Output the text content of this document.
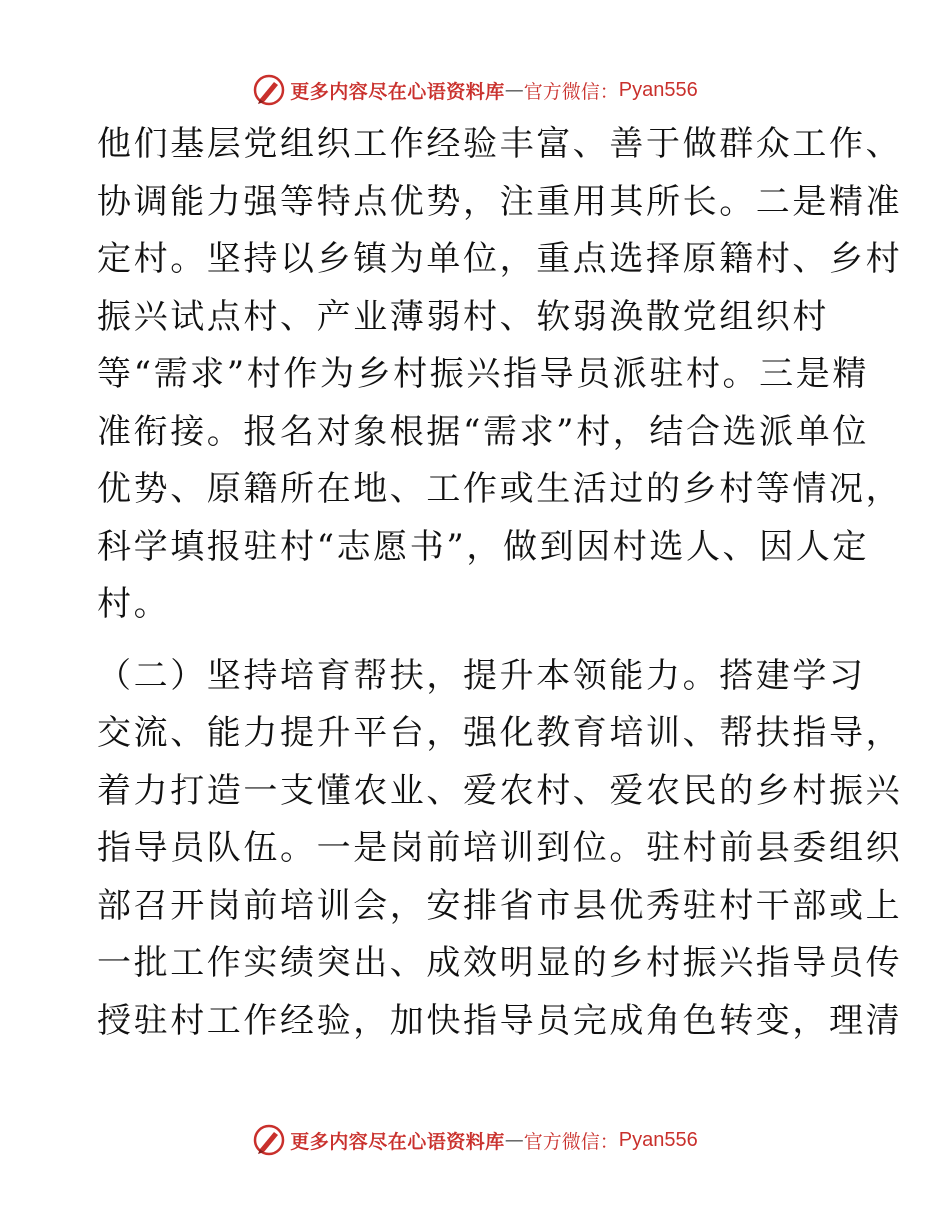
更多内容尽在心语资料库 — 官方微信： Pyan556

他们基层党组织工作经验丰富、善于做群众工作、
协调能力强等特点优势，注重用其所长。二是精准
定村。坚持以乡镇为单位，重点选择原籍村、乡村
振兴试点村、产业薄弱村、软弱涣散党组织村
等“需求”村作为乡村振兴指导员派驻村。三是精
准衔接。报名对象根据“需求”村，结合选派单位
优势、原籍所在地、工作或生活过的乡村等情况，
科学填报驻村“志愿书”，做到因村选人、因人定
村。

（二）坚持培育帮扶，提升本领能力。搭建学习
交流、能力提升平台，强化教育培训、帮扶指导，
着力打造一支懂农业、爱农村、爱农民的乡村振兴
指导员队伍。一是岗前培训到位。驻村前县委组织
部召开岗前培训会，安排省市县优秀驻村干部或上
一批工作实绩突出、成效明显的乡村振兴指导员传
授驻村工作经验，加快指导员完成角色转变，理清

更多内容尽在心语资料库 — 官方微信： Pyan556
